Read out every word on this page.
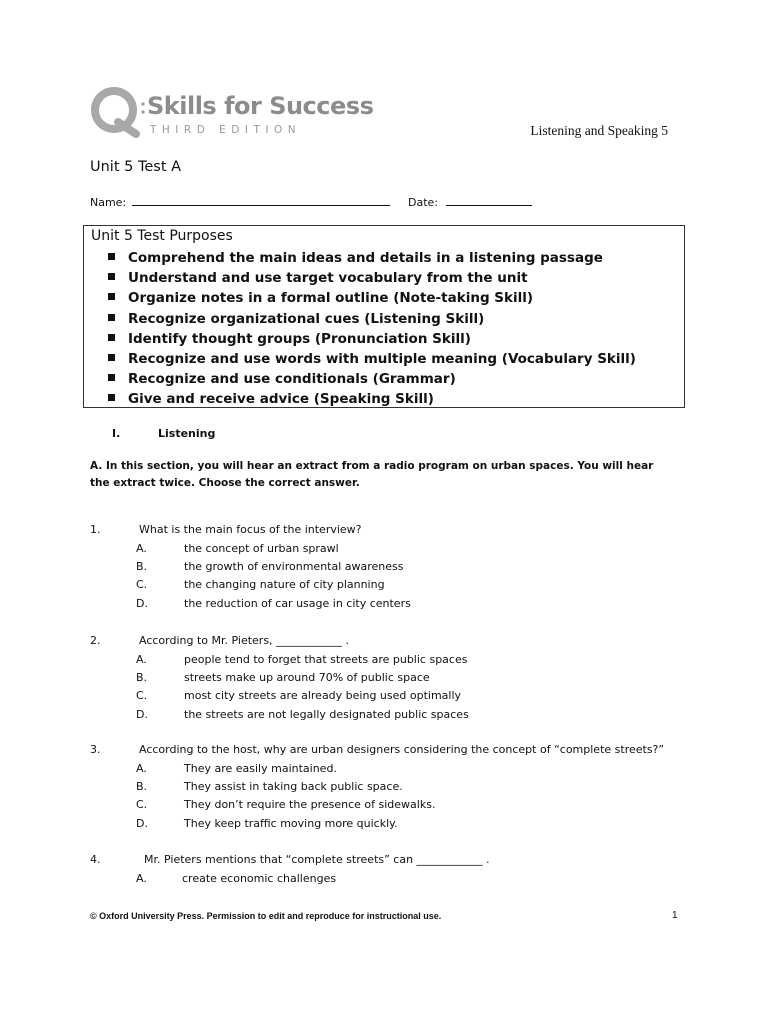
Skills for Success
THIRD EDITION	Listening and Speaking 5
Unit 5 Test A
Name:	Date:
Unit 5 Test Purposes
Comprehend the main ideas and details in a listening passage
Understand and use target vocabulary from the unit
Organize notes in a formal outline (Note-taking Skill)
Recognize organizational cues (Listening Skill)
Identify thought groups (Pronunciation Skill)
Recognize and use words with multiple meaning (Vocabulary Skill)
Recognize and use conditionals (Grammar)
Give and receive advice (Speaking Skill)
I.	Listening
A. In this section, you will hear an extract from a radio program on urban spaces. You will hear the extract twice. Choose the correct answer.
1.	What is the main focus of the interview?
A.	the concept of urban sprawl
B.	the growth of environmental awareness
C.	the changing nature of city planning
D.	the reduction of car usage in city centers
2.	According to Mr. Pieters, ____________ .
A.	people tend to forget that streets are public spaces
B.	streets make up around 70% of public space
C.	most city streets are already being used optimally
D.	the streets are not legally designated public spaces
3.	According to the host, why are urban designers considering the concept of “complete streets?”
A.	They are easily maintained.
B.	They assist in taking back public space.
C.	They don’t require the presence of sidewalks.
D.	They keep traffic moving more quickly.
4.	Mr. Pieters mentions that “complete streets” can ____________ .
A.	create economic challenges
© Oxford University Press. Permission to edit and reproduce for instructional use.	1
